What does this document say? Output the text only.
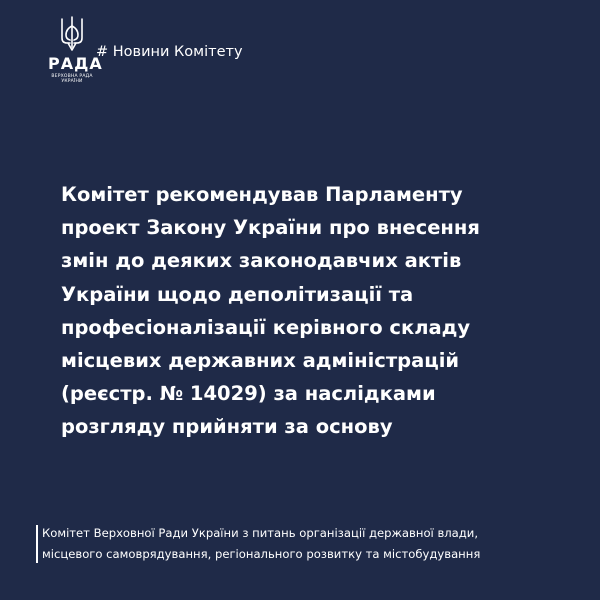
РАДА
ВЕРХОВНА РАДА
УКРАЇНИ
# Новини Комітету
Комітет рекомендував Парламенту
проект Закону України про внесення
змін до деяких законодавчих актів
України щодо деполітизації та
професіоналізації керівного складу
місцевих державних адміністрацій
(реєстр. № 14029) за наслідками
розгляду прийняти за основу
Комітет Верховної Ради України з питань організації державної влади,
місцевого самоврядування, регіонального розвитку та містобудування
